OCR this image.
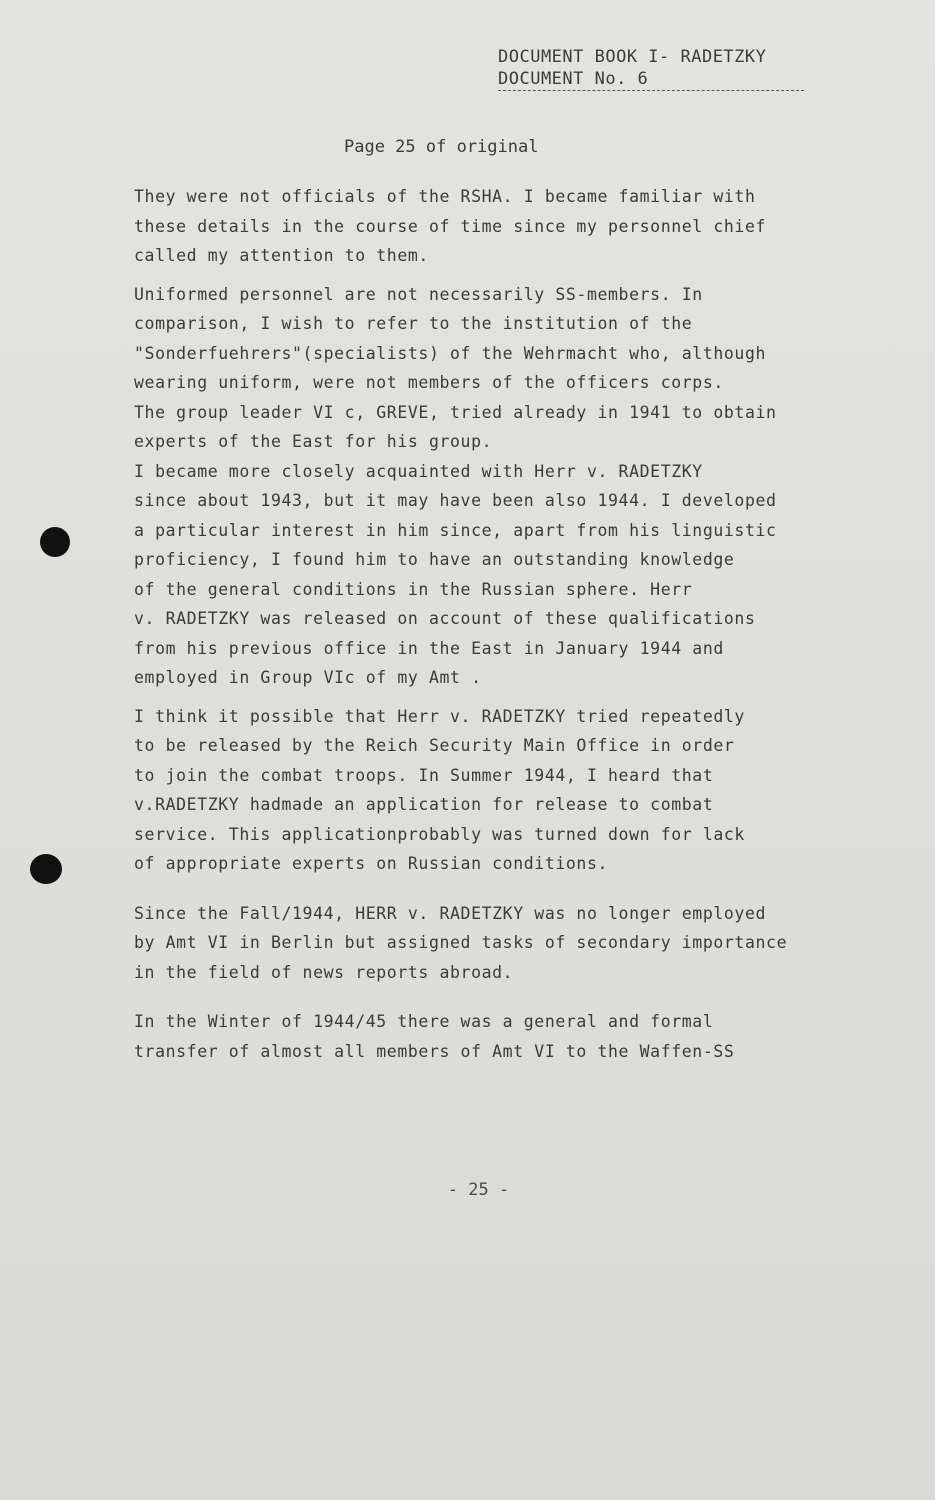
DOCUMENT BOOK I- RADETZKY
DOCUMENT No. 6
Page 25 of original

They were not officials of the RSHA. I became familiar with
these details in the course of time since my personnel chief
called my attention to them.

Uniformed personnel are not necessarily SS-members. In
comparison, I wish to refer to the institution of the
"Sonderfuehrers"(specialists) of the Wehrmacht who, although
wearing uniform, were not members of the officers corps.
The group leader VI c, GREVE, tried already in 1941 to obtain
experts of the East for his group.

I became more closely acquainted with Herr v. RADETZKY
since about 1943, but it may have been also 1944. I developed
a particular interest in him since, apart from his linguistic
proficiency, I found him to have an outstanding knowledge
of the general conditions in the Russian sphere. Herr
v. RADETZKY was released on account of these qualifications
from his previous office in the East in January 1944 and
employed in Group VIc of my Amt .

I think it possible that Herr v. RADETZKY tried repeatedly
to be released by the Reich Security Main Office in order
to join the combat troops. In Summer 1944, I heard that
v.RADETZKY hadmade an application for release to combat
service. This applicationprobably was turned down for lack
of appropriate experts on Russian conditions.

Since the Fall/1944, HERR v. RADETZKY was no longer employed
by Amt VI in Berlin but assigned tasks of secondary importance
in the field of news reports abroad.

In the Winter of 1944/45 there was a general and formal
transfer of almost all members of Amt VI to the Waffen-SS

- 25 -
